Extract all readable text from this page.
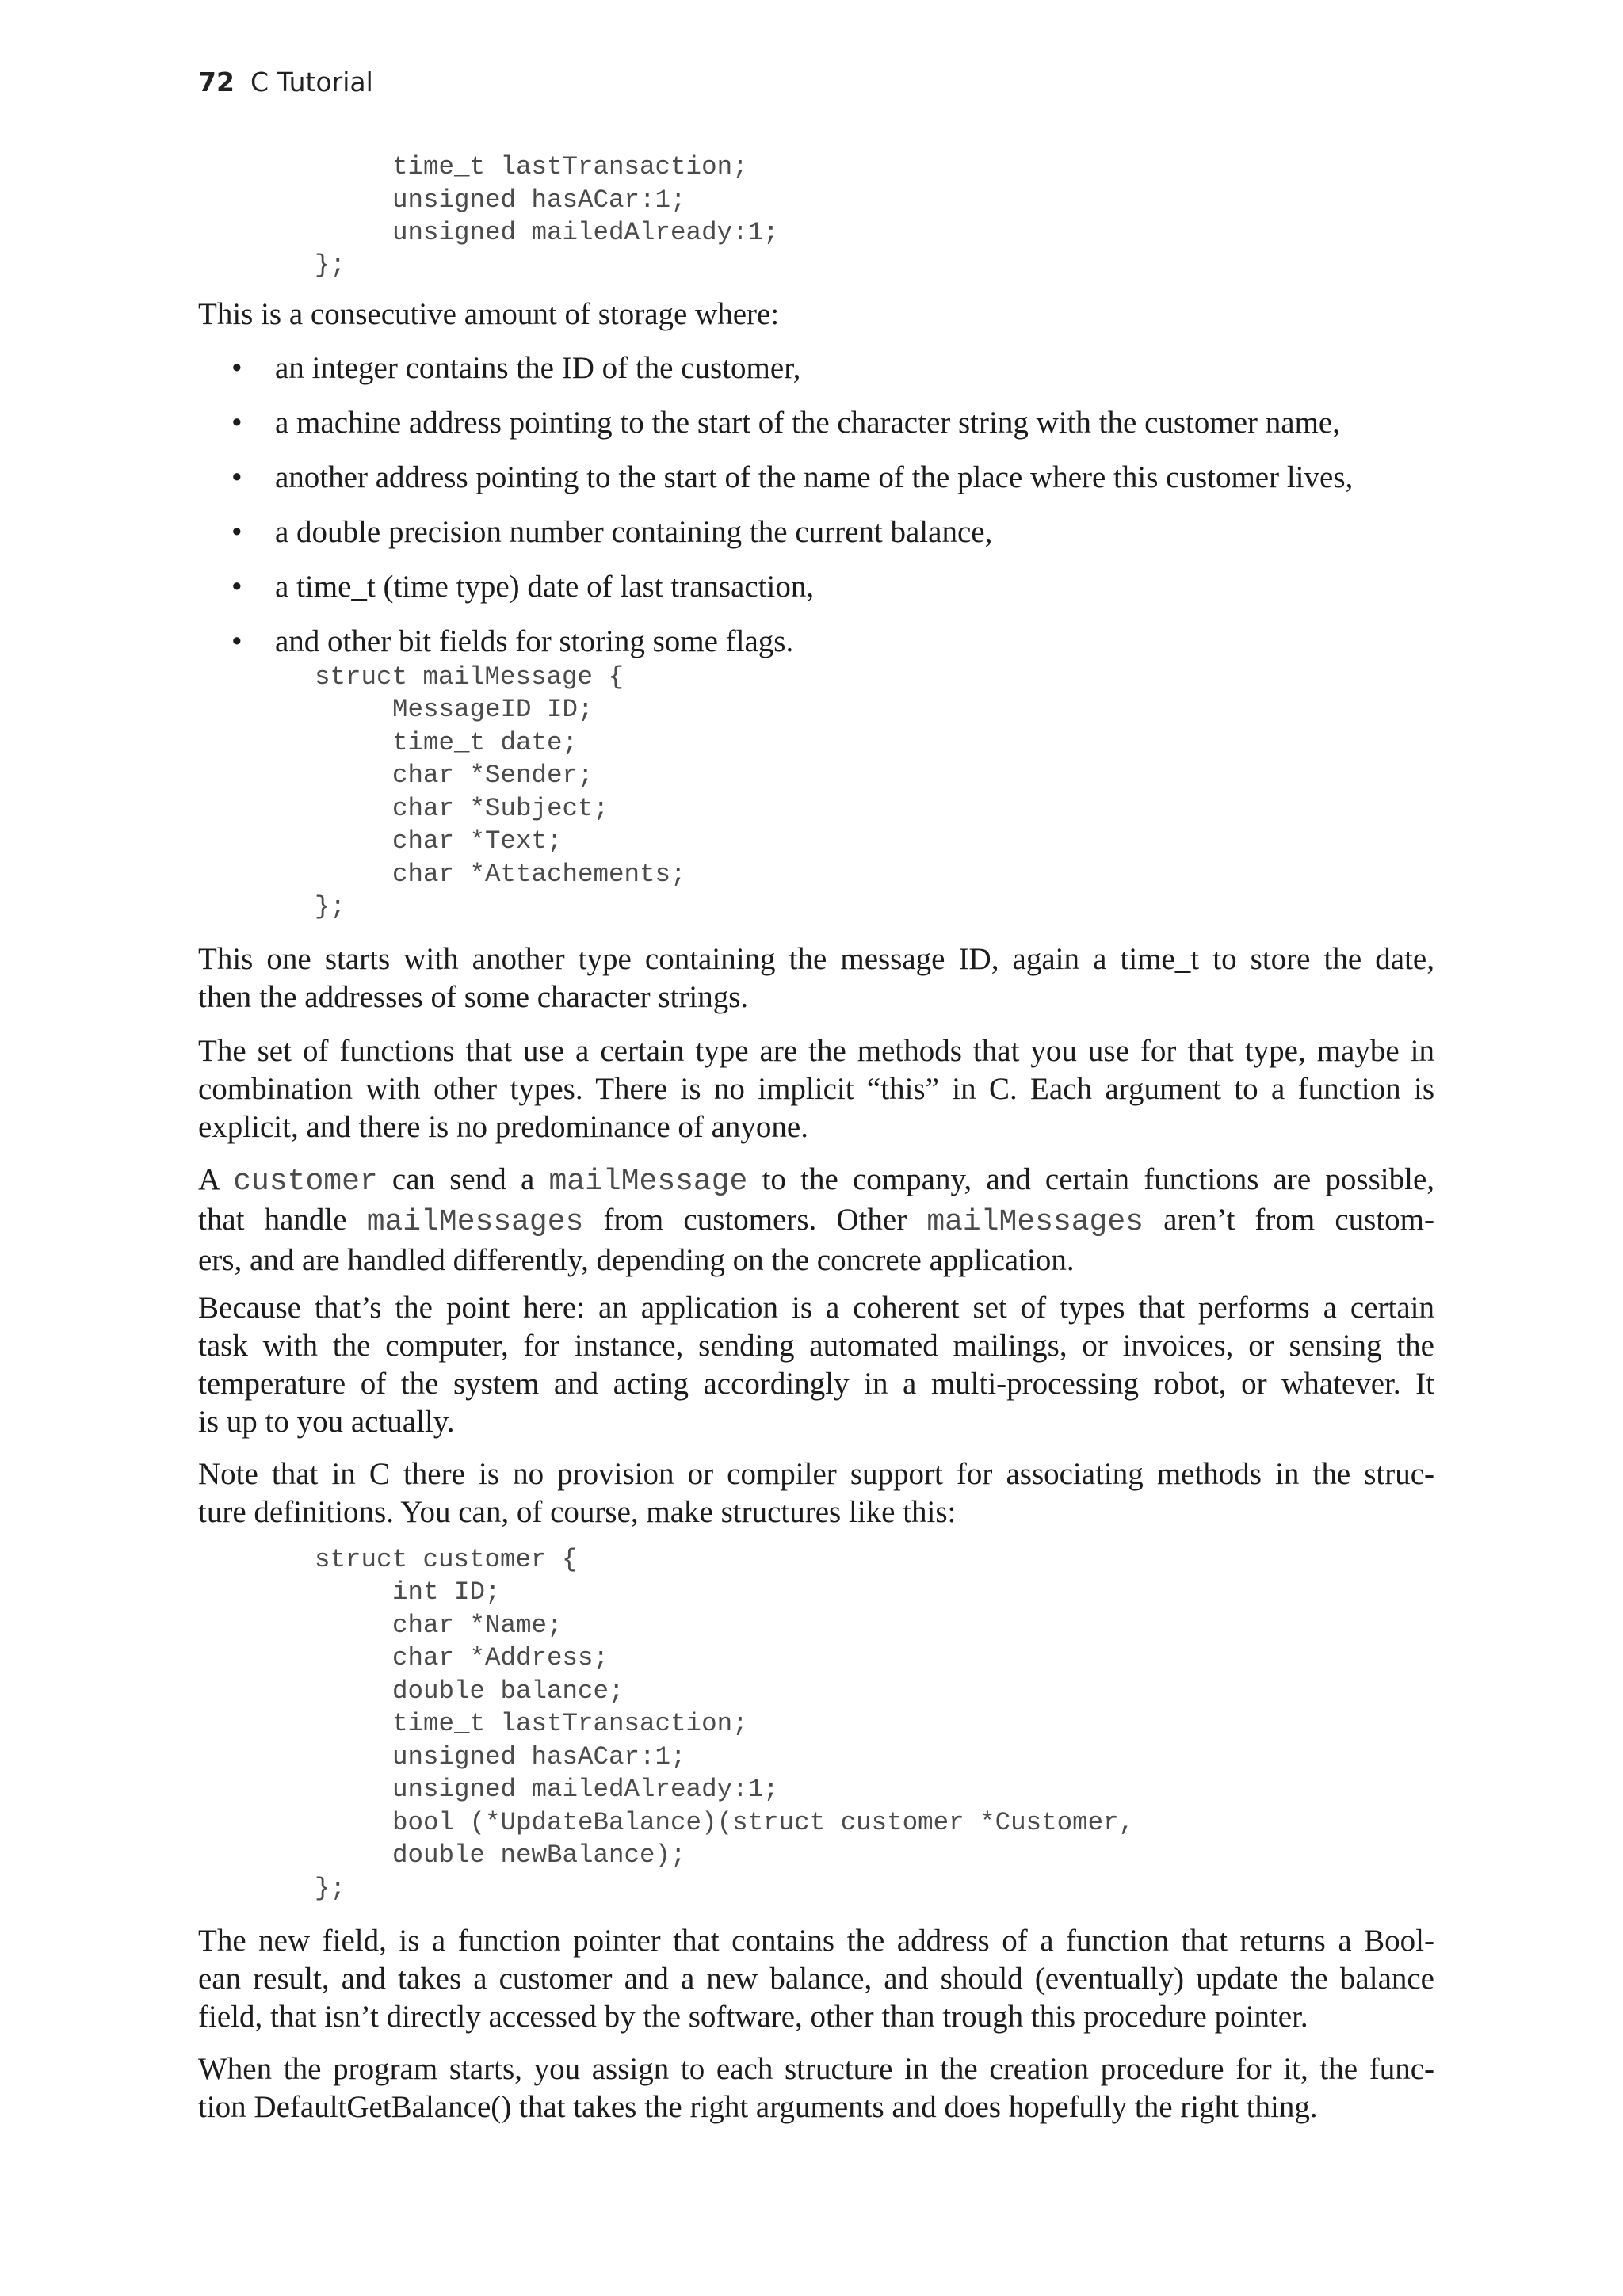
72 C Tutorial
time_t lastTransaction;
unsigned hasACar:1;
unsigned mailedAlready:1;
};

This is a consecutive amount of storage where:

• an integer contains the ID of the customer,
• a machine address pointing to the start of the character string with the customer name,
• another address pointing to the start of the name of the place where this customer lives,
• a double precision number containing the current balance,
• a time_t (time type) date of last transaction,
• and other bit fields for storing some flags.
struct mailMessage {
MessageID ID;
time_t date;
char *Sender;
char *Subject;
char *Text;
char *Attachements;
};
This one starts with another type containing the message ID, again a time_t to store the date,
then the addresses of some character strings.
The set of functions that use a certain type are the methods that you use for that type, maybe in
combination with other types. There is no implicit “this” in C. Each argument to a function is
explicit, and there is no predominance of anyone.
A customer can send a mailMessage to the company, and certain functions are possible,
that handle mailMessages from customers. Other mailMessages aren’t from custom-
ers, and are handled differently, depending on the concrete application.
Because that’s the point here: an application is a coherent set of types that performs a certain
task with the computer, for instance, sending automated mailings, or invoices, or sensing the
temperature of the system and acting accordingly in a multi-processing robot, or whatever. It
is up to you actually.
Note that in C there is no provision or compiler support for associating methods in the struc-
ture definitions. You can, of course, make structures like this:
struct customer {
int ID;
char *Name;
char *Address;
double balance;
time_t lastTransaction;
unsigned hasACar:1;
unsigned mailedAlready:1;
bool (*UpdateBalance)(struct customer *Customer,
double newBalance);
};
The new field, is a function pointer that contains the address of a function that returns a Bool-
ean result, and takes a customer and a new balance, and should (eventually) update the balance
field, that isn’t directly accessed by the software, other than trough this procedure pointer.
When the program starts, you assign to each structure in the creation procedure for it, the func-
tion DefaultGetBalance() that takes the right arguments and does hopefully the right thing.
